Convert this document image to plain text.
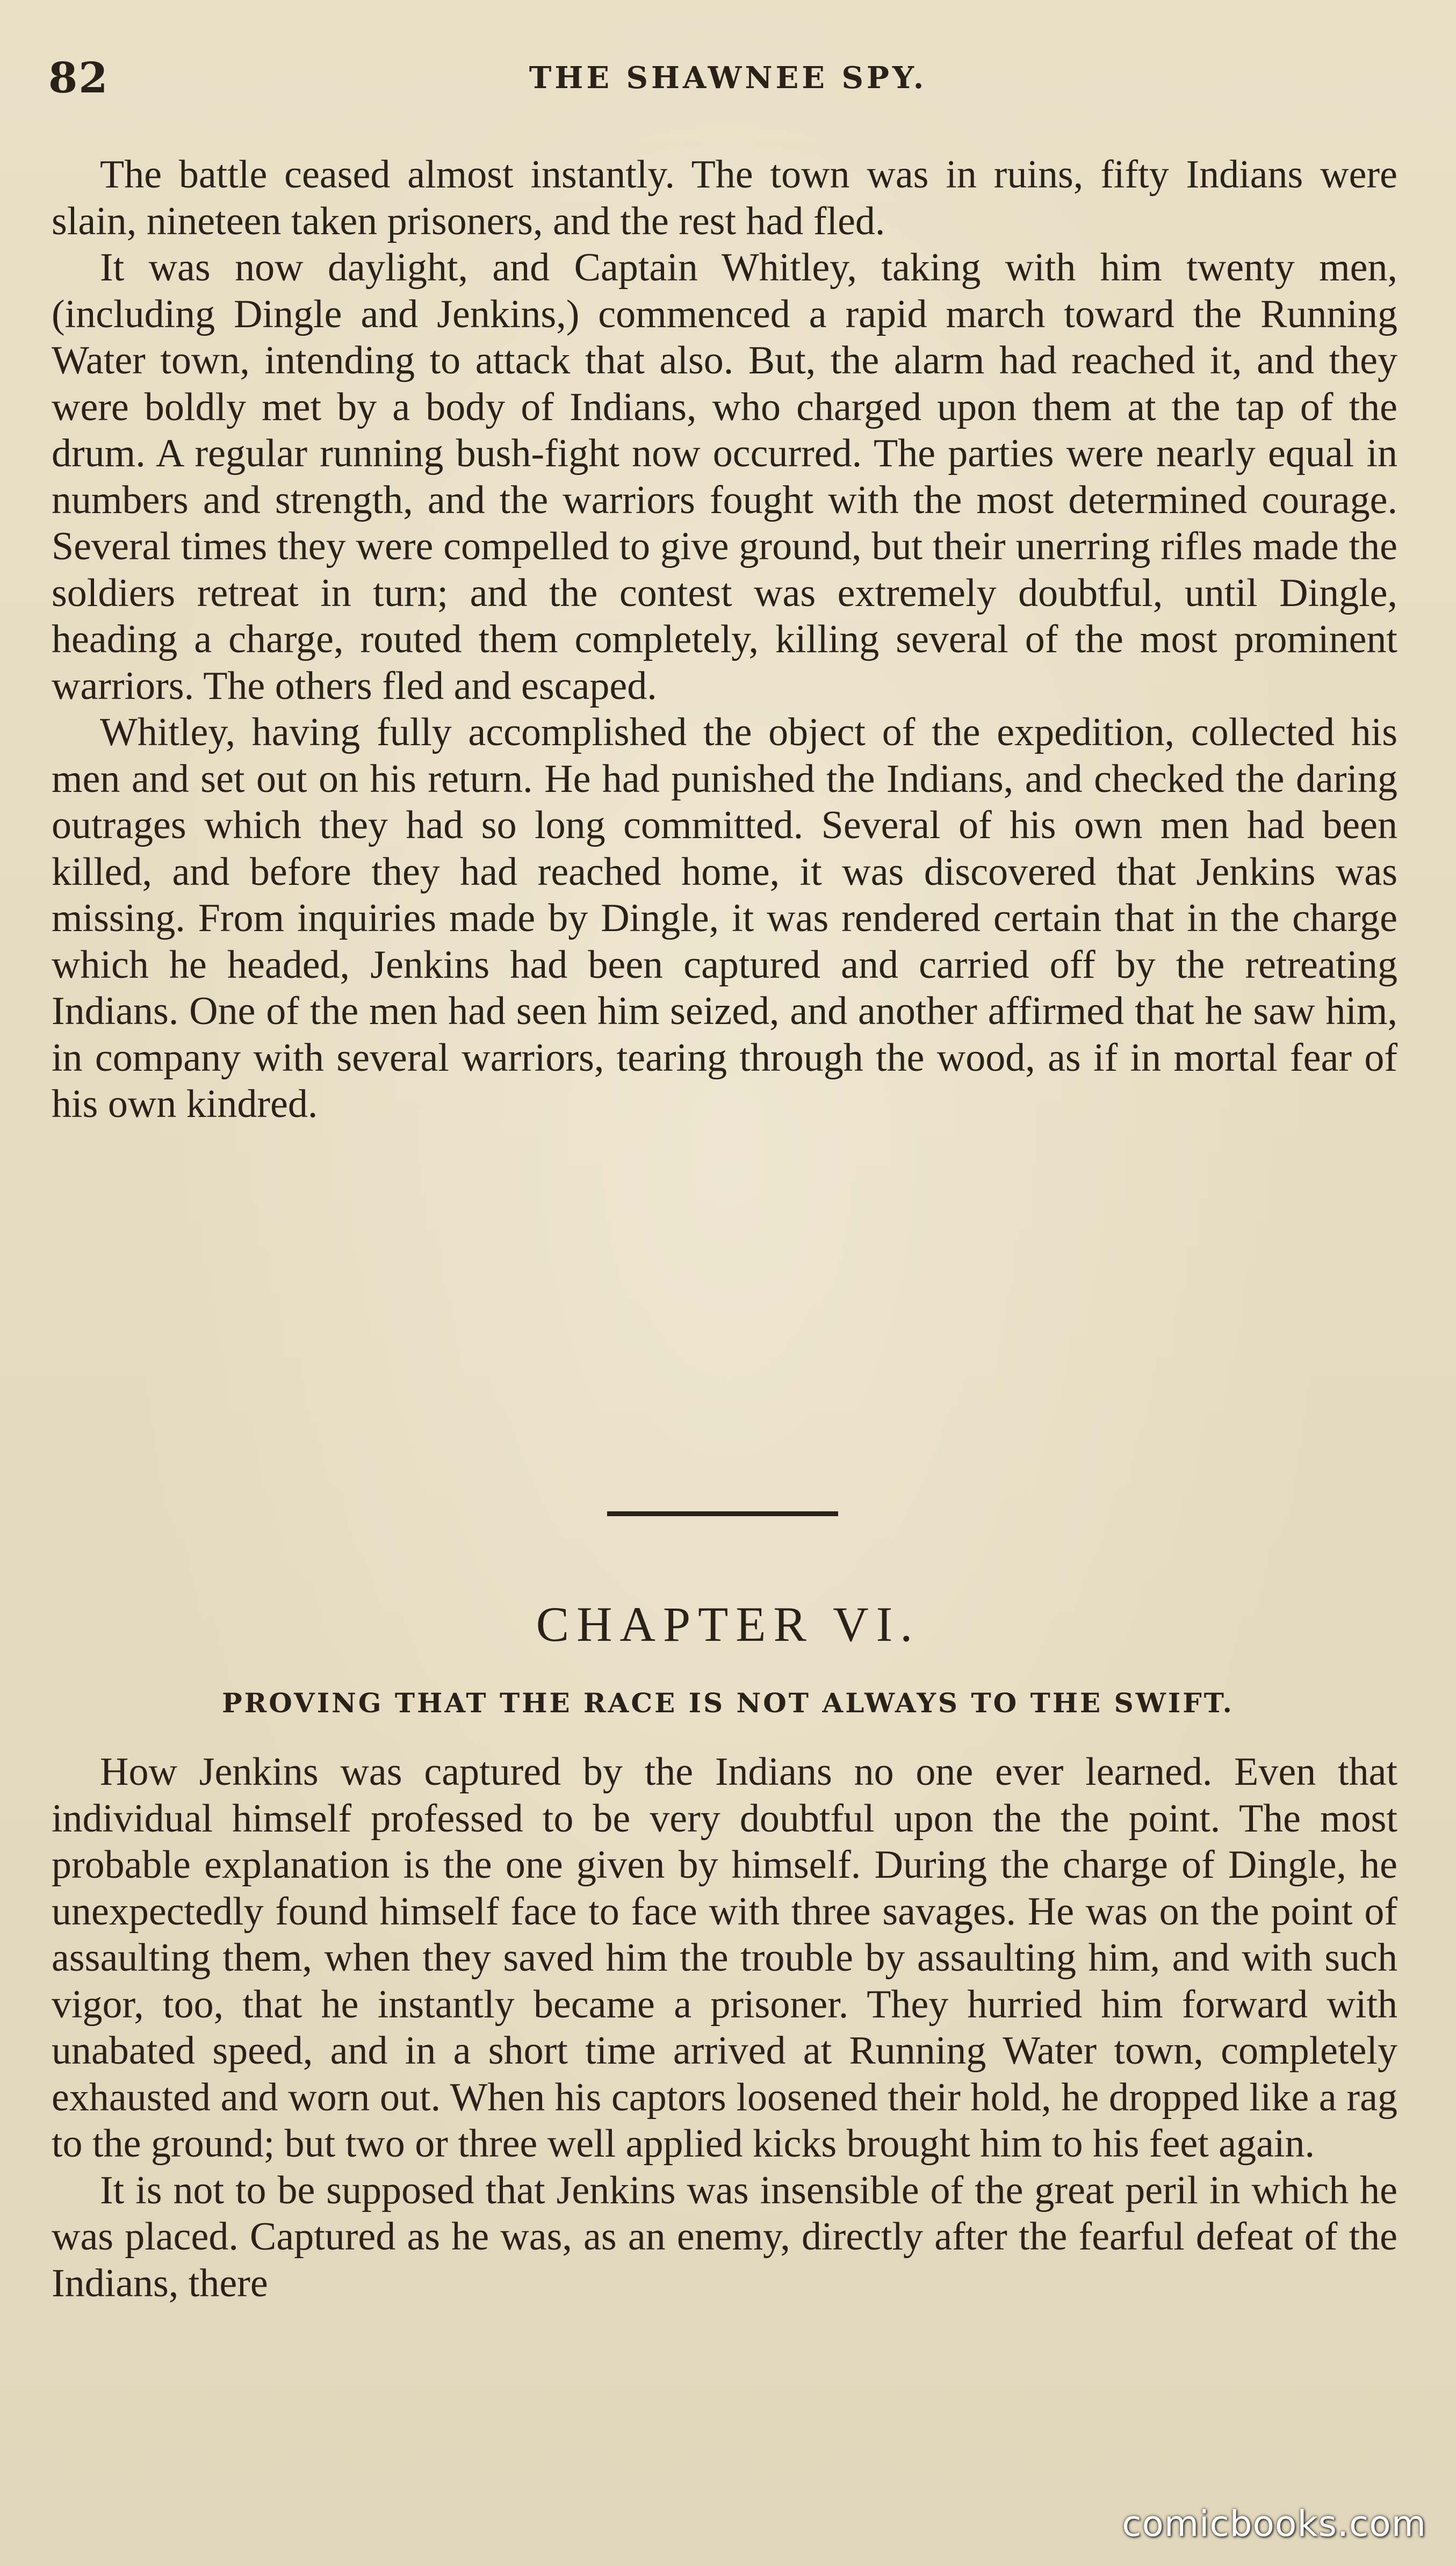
82	THE SHAWNEE SPY.

The battle ceased almost instantly. The town was in ruins, fifty Indians were slain, nineteen taken prisoners, and the rest had fled.

It was now daylight, and Captain Whitley, taking with him twenty men, (including Dingle and Jenkins,) commenced a rapid march toward the Running Water town, intending to attack that also. But, the alarm had reached it, and they were boldly met by a body of Indians, who charged upon them at the tap of the drum. A regular running bush-fight now occurred. The parties were nearly equal in numbers and strength, and the warriors fought with the most determined courage. Several times they were compelled to give ground, but their unerring rifles made the soldiers retreat in turn; and the contest was extremely doubtful, until Dingle, heading a charge, routed them completely, killing several of the most prominent warriors. The others fled and escaped.

Whitley, having fully accomplished the object of the expedition, collected his men and set out on his return. He had punished the Indians, and checked the daring outrages which they had so long committed. Several of his own men had been killed, and before they had reached home, it was discovered that Jenkins was missing. From inquiries made by Dingle, it was rendered certain that in the charge which he headed, Jenkins had been captured and carried off by the retreating Indians. One of the men had seen him seized, and another affirmed that he saw him, in company with several warriors, tearing through the wood, as if in mortal fear of his own kindred.

CHAPTER VI.
PROVING THAT THE RACE IS NOT ALWAYS TO THE SWIFT.

How Jenkins was captured by the Indians no one ever learned. Even that individual himself professed to be very doubtful upon the the point. The most probable explanation is the one given by himself. During the charge of Dingle, he unexpectedly found himself face to face with three savages. He was on the point of assaulting them, when they saved him the trouble by assaulting him, and with such vigor, too, that he instantly became a prisoner. They hurried him forward with unabated speed, and in a short time arrived at Running Water town, completely exhausted and worn out. When his captors loosened their hold, he dropped like a rag to the ground; but two or three well applied kicks brought him to his feet again.

It is not to be supposed that Jenkins was insensible of the great peril in which he was placed. Captured as he was, as an enemy, directly after the fearful defeat of the Indians, there

comicbooks.com
